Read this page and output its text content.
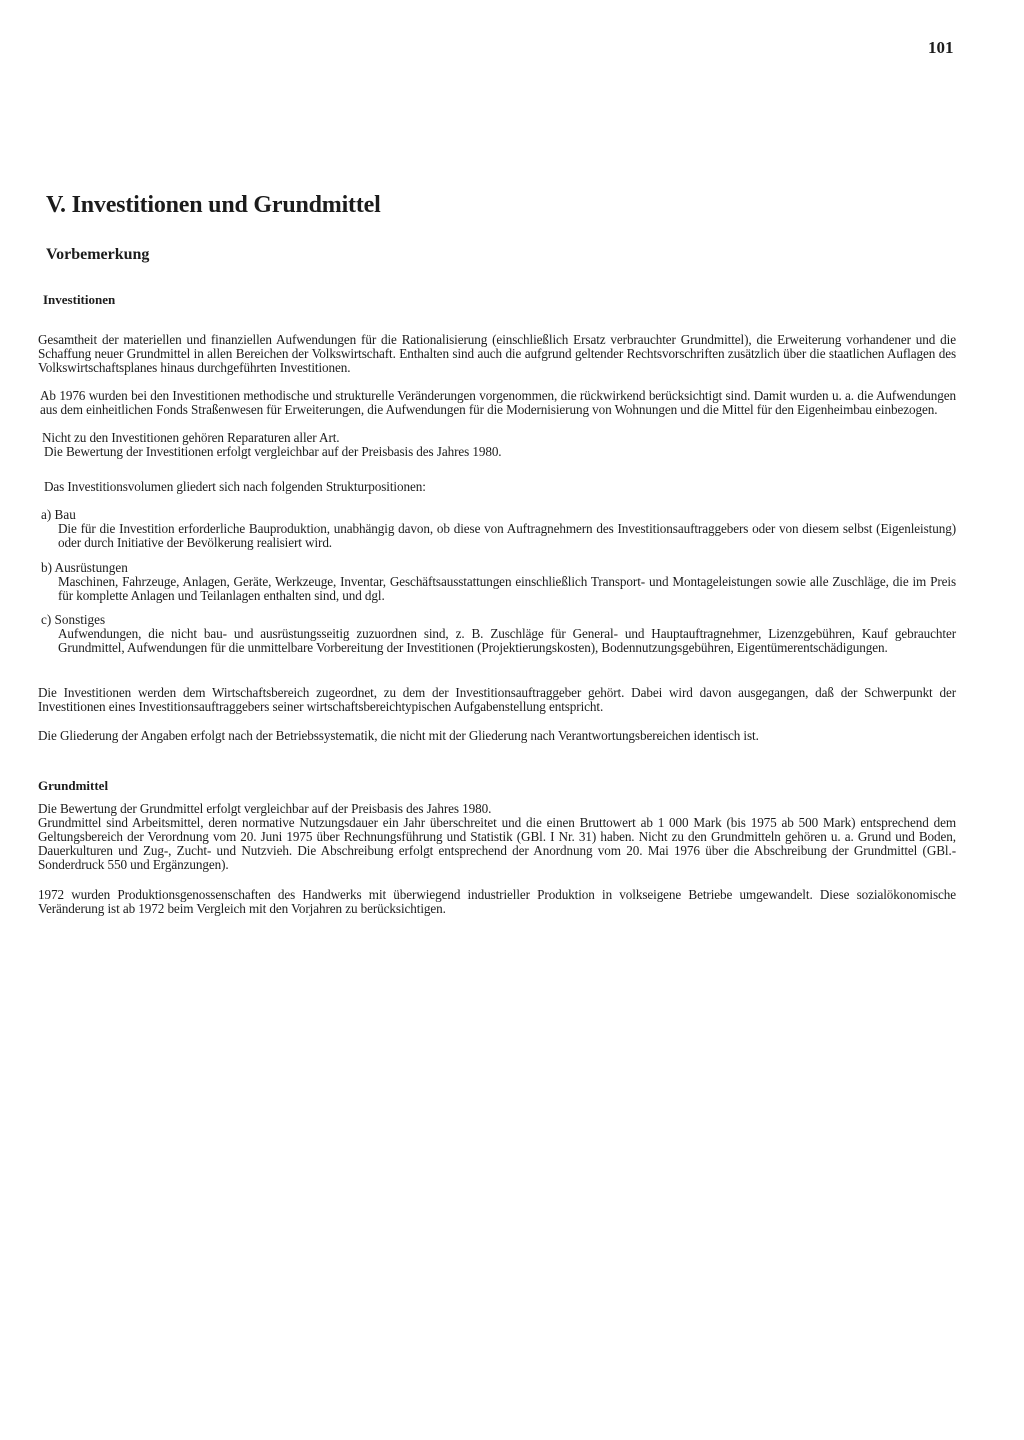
101
V. Investitionen und Grundmittel
Vorbemerkung
Investitionen

Gesamtheit der materiellen und finanziellen Aufwendungen für die Rationalisierung (einschließlich Ersatz verbrauchter Grundmittel), die Erweiterung vorhandener und die Schaffung neuer Grundmittel in allen Bereichen der Volkswirtschaft. Enthalten sind auch die aufgrund geltender Rechtsvorschriften zusätzlich über die staatlichen Auflagen des Volkswirtschaftsplanes hinaus durchgeführten Investitionen.

Ab 1976 wurden bei den Investitionen methodische und strukturelle Veränderungen vorgenommen, die rückwirkend berücksichtigt sind. Damit wurden u. a. die Aufwendungen aus dem einheitlichen Fonds Straßenwesen für Erweiterungen, die Aufwendungen für die Modernisierung von Wohnungen und die Mittel für den Eigenheimbau einbezogen.

Nicht zu den Investitionen gehören Reparaturen aller Art.

Die Bewertung der Investitionen erfolgt vergleichbar auf der Preisbasis des Jahres 1980.

Das Investitionsvolumen gliedert sich nach folgenden Strukturpositionen:

a) Bau

Die für die Investition erforderliche Bauproduktion, unabhängig davon, ob diese von Auftragnehmern des Investitionsauftraggebers oder von diesem selbst (Eigenleistung) oder durch Initiative der Bevölkerung realisiert wird.

b) Ausrüstungen

Maschinen, Fahrzeuge, Anlagen, Geräte, Werkzeuge, Inventar, Geschäftsausstattungen einschließlich Transport- und Montageleistungen sowie alle Zuschläge, die im Preis für komplette Anlagen und Teilanlagen enthalten sind, und dgl.

c) Sonstiges

Aufwendungen, die nicht bau- und ausrüstungsseitig zuzuordnen sind, z. B. Zuschläge für General- und Hauptauftragnehmer, Lizenzgebühren, Kauf gebrauchter Grundmittel, Aufwendungen für die unmittelbare Vorbereitung der Investitionen (Projektierungskosten), Bodennutzungsgebühren, Eigentümerentschädigungen.

Die Investitionen werden dem Wirtschaftsbereich zugeordnet, zu dem der Investitionsauftraggeber gehört. Dabei wird davon ausgegangen, daß der Schwerpunkt der Investitionen eines Investitionsauftraggebers seiner wirtschaftsbereichtypischen Aufgabenstellung entspricht.

Die Gliederung der Angaben erfolgt nach der Betriebssystematik, die nicht mit der Gliederung nach Verantwortungsbereichen identisch ist.

Grundmittel

Die Bewertung der Grundmittel erfolgt vergleichbar auf der Preisbasis des Jahres 1980.

Grundmittel sind Arbeitsmittel, deren normative Nutzungsdauer ein Jahr überschreitet und die einen Bruttowert ab 1 000 Mark (bis 1975 ab 500 Mark) entsprechend dem Geltungsbereich der Verordnung vom 20. Juni 1975 über Rechnungsführung und Statistik (GBl. I Nr. 31) haben. Nicht zu den Grundmitteln gehören u. a. Grund und Boden, Dauerkulturen und Zug-, Zucht- und Nutzvieh. Die Abschreibung erfolgt entsprechend der Anordnung vom 20. Mai 1976 über die Abschreibung der Grundmittel (GBl.-Sonderdruck 550 und Ergänzungen).

1972 wurden Produktionsgenossenschaften des Handwerks mit überwiegend industrieller Produktion in volkseigene Betriebe umgewandelt. Diese sozialökonomische Veränderung ist ab 1972 beim Vergleich mit den Vorjahren zu berücksichtigen.
